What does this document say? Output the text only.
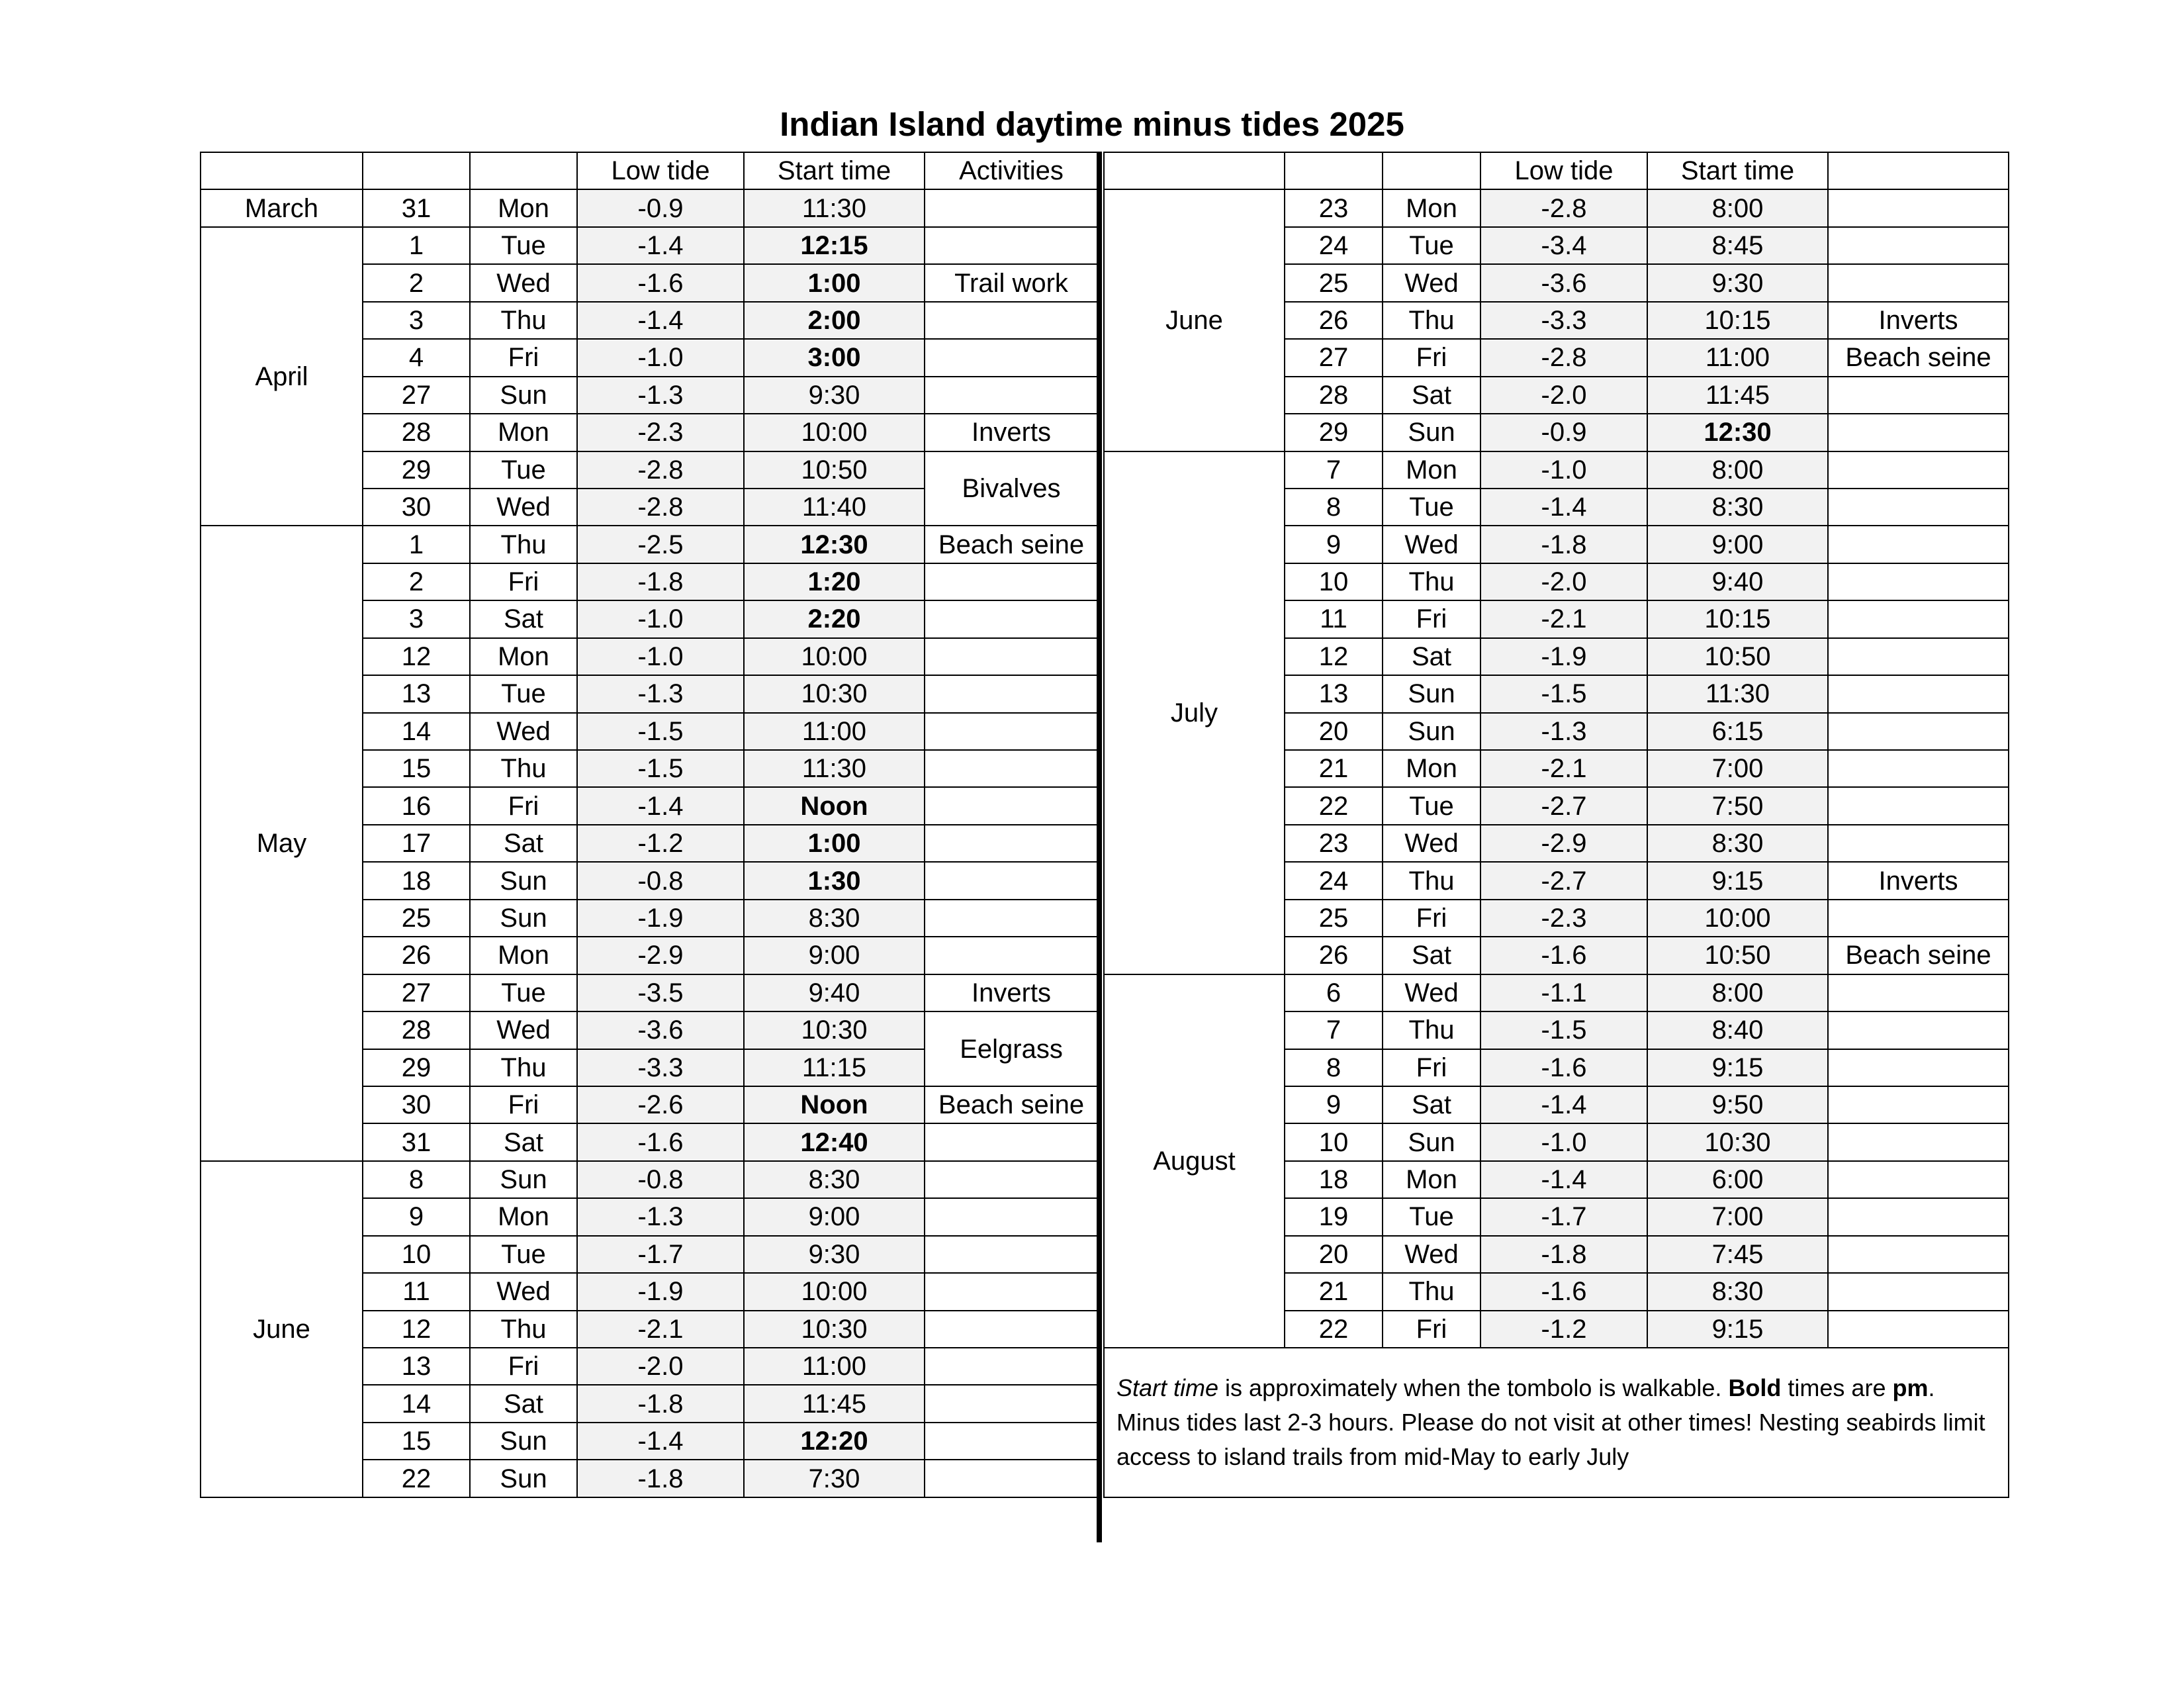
Indian Island daytime minus tides 2025
			Low tide	Start time	Activities
March	31	Mon	-0.9	11:30	
April	1	Tue	-1.4	12:15	
	2	Wed	-1.6	1:00	Trail work
	3	Thu	-1.4	2:00	
	4	Fri	-1.0	3:00	
	27	Sun	-1.3	9:30	
	28	Mon	-2.3	10:00	Inverts
	29	Tue	-2.8	10:50	Bivalves
	30	Wed	-2.8	11:40	
May	1	Thu	-2.5	12:30	Beach seine
	2	Fri	-1.8	1:20	
	3	Sat	-1.0	2:20	
	12	Mon	-1.0	10:00	
	13	Tue	-1.3	10:30	
	14	Wed	-1.5	11:00	
	15	Thu	-1.5	11:30	
	16	Fri	-1.4	Noon	
	17	Sat	-1.2	1:00	
	18	Sun	-0.8	1:30	
	25	Sun	-1.9	8:30	
	26	Mon	-2.9	9:00	
	27	Tue	-3.5	9:40	Inverts
	28	Wed	-3.6	10:30	Eelgrass
	29	Thu	-3.3	11:15	
	30	Fri	-2.6	Noon	Beach seine
	31	Sat	-1.6	12:40	
June	8	Sun	-0.8	8:30	
	9	Mon	-1.3	9:00	
	10	Tue	-1.7	9:30	
	11	Wed	-1.9	10:00	
	12	Thu	-2.1	10:30	
	13	Fri	-2.0	11:00	
	14	Sat	-1.8	11:45	
	15	Sun	-1.4	12:20	
	22	Sun	-1.8	7:30	
			Low tide	Start time	
June	23	Mon	-2.8	8:00	
	24	Tue	-3.4	8:45	
	25	Wed	-3.6	9:30	
	26	Thu	-3.3	10:15	Inverts
	27	Fri	-2.8	11:00	Beach seine
	28	Sat	-2.0	11:45	
	29	Sun	-0.9	12:30	
July	7	Mon	-1.0	8:00	
	8	Tue	-1.4	8:30	
	9	Wed	-1.8	9:00	
	10	Thu	-2.0	9:40	
	11	Fri	-2.1	10:15	
	12	Sat	-1.9	10:50	
	13	Sun	-1.5	11:30	
	20	Sun	-1.3	6:15	
	21	Mon	-2.1	7:00	
	22	Tue	-2.7	7:50	
	23	Wed	-2.9	8:30	
	24	Thu	-2.7	9:15	Inverts
	25	Fri	-2.3	10:00	
	26	Sat	-1.6	10:50	Beach seine
August	6	Wed	-1.1	8:00	
	7	Thu	-1.5	8:40	
	8	Fri	-1.6	9:15	
	9	Sat	-1.4	9:50	
	10	Sun	-1.0	10:30	
	18	Mon	-1.4	6:00	
	19	Tue	-1.7	7:00	
	20	Wed	-1.8	7:45	
	21	Thu	-1.6	8:30	
	22	Fri	-1.2	9:15	
Start time is approximately when the tombolo is walkable. Bold times are pm. Minus tides last 2-3 hours. Please do not visit at other times! Nesting seabirds limit access to island trails from mid-May to early July					
